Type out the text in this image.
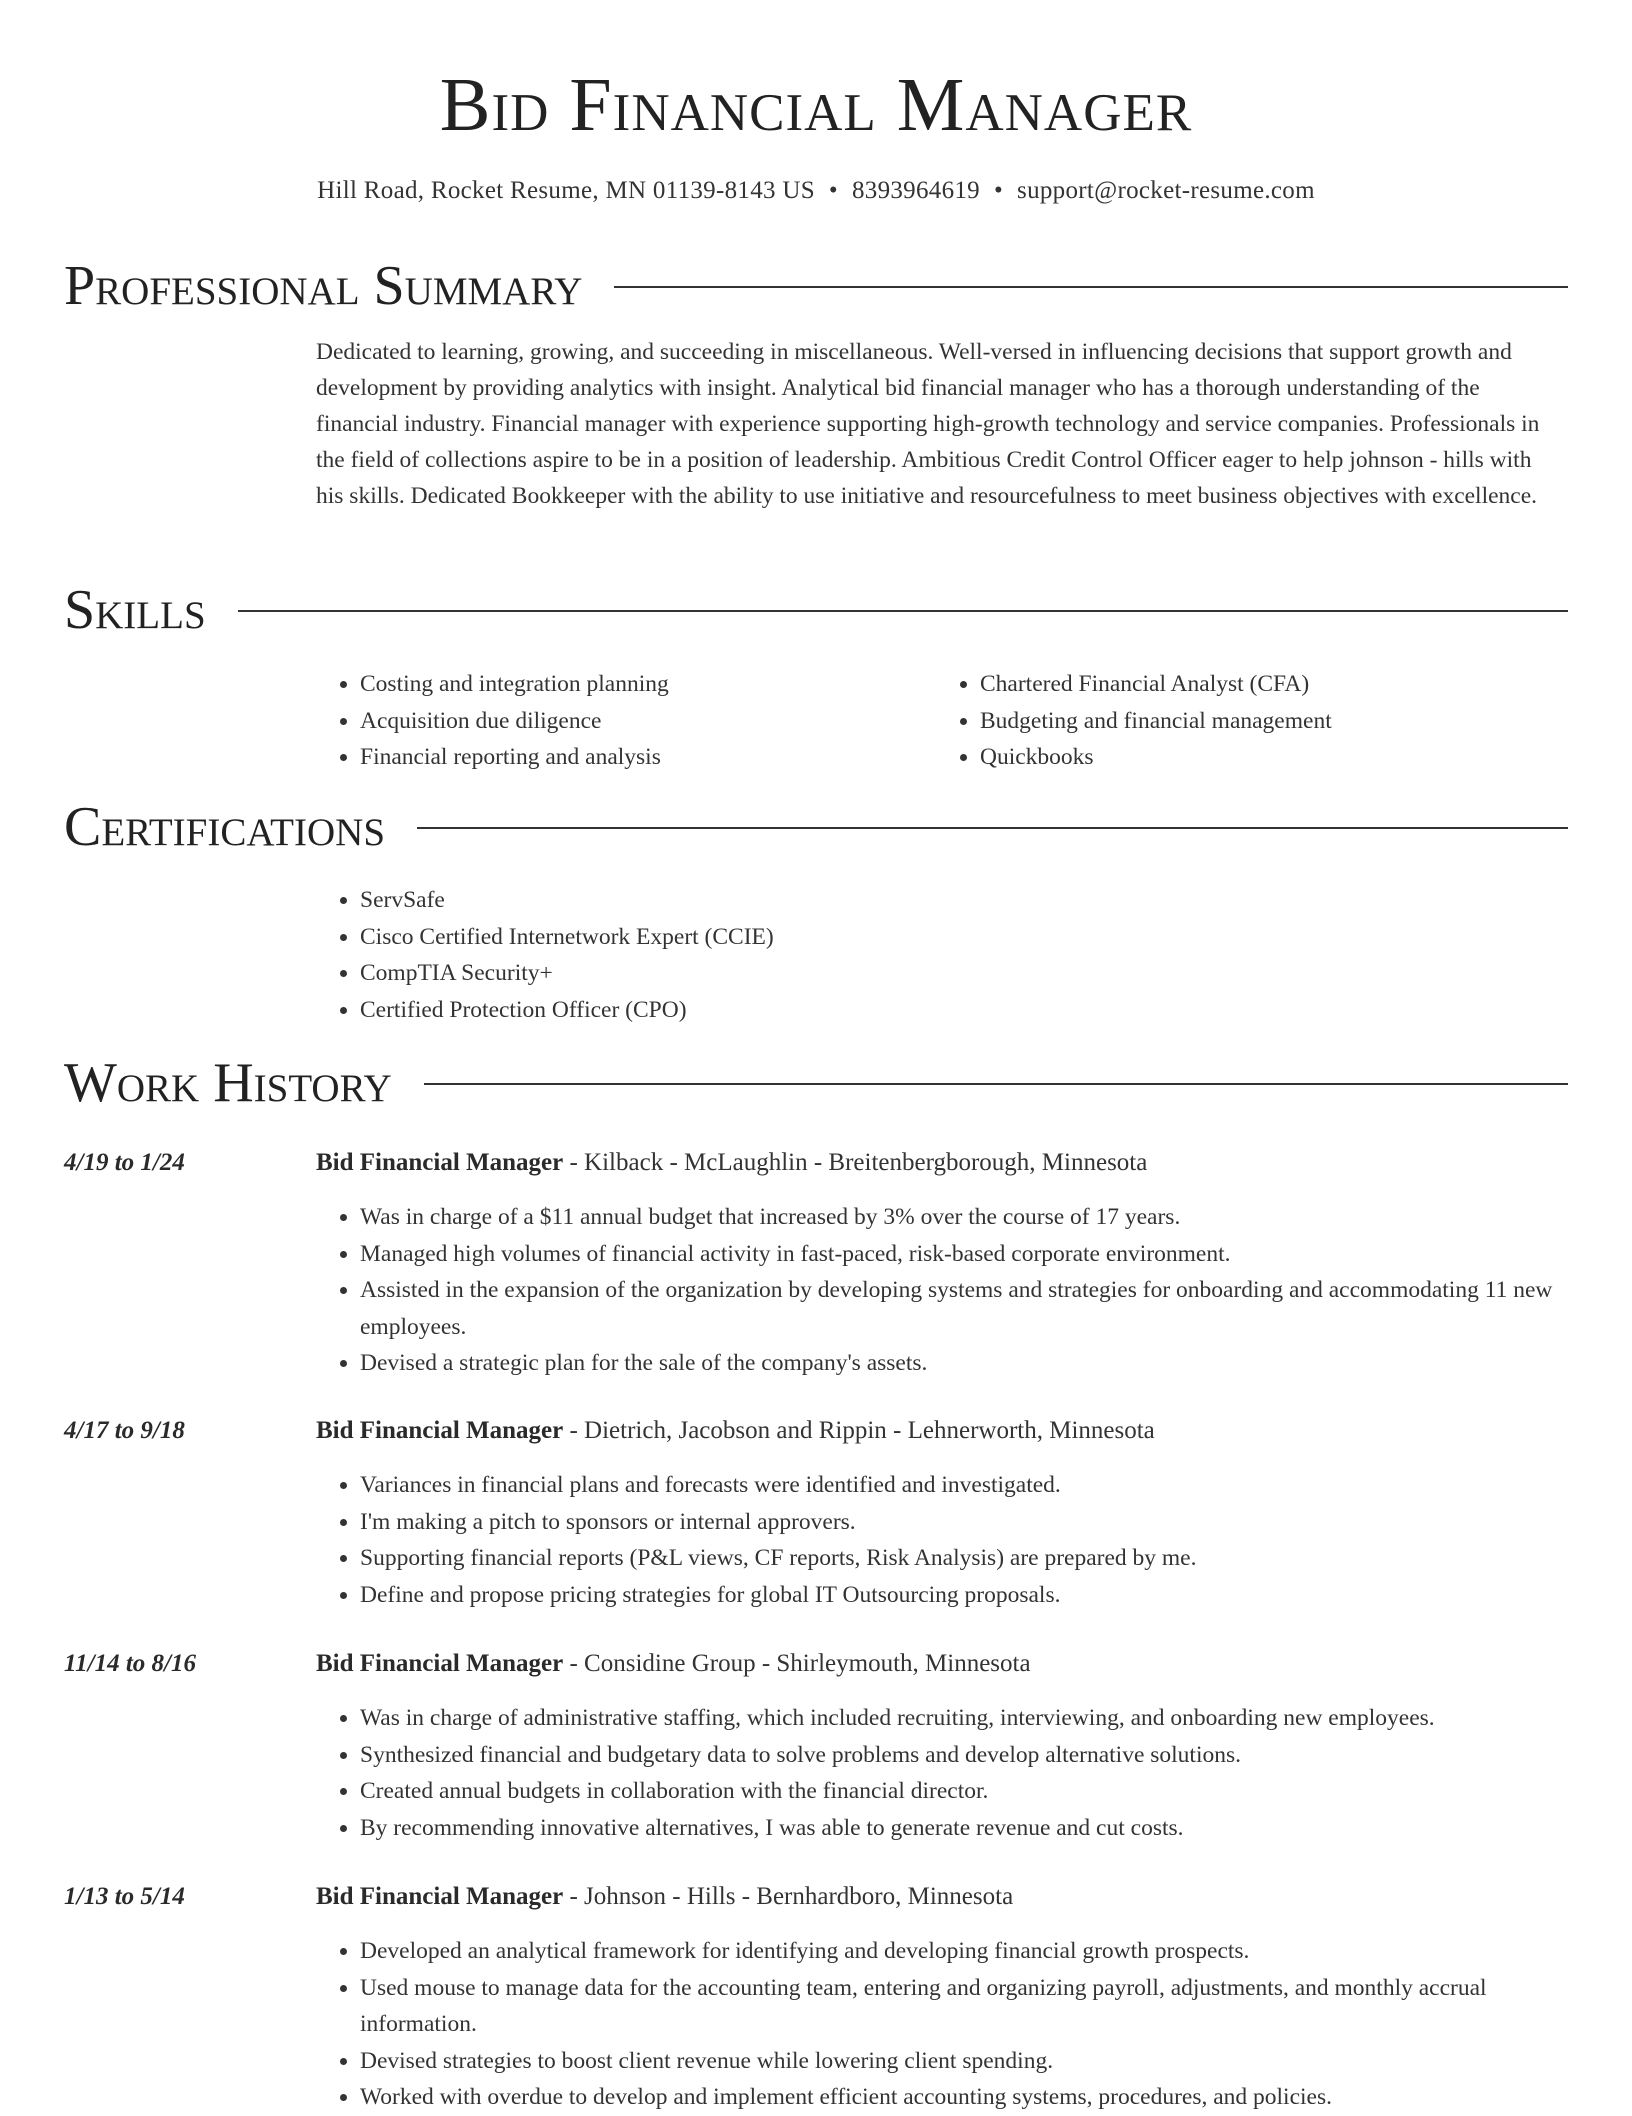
Bid Financial Manager
Hill Road, Rocket Resume, MN 01139-8143 US • 8393964619 • support@rocket-resume.com
Professional Summary
Dedicated to learning, growing, and succeeding in miscellaneous. Well-versed in influencing decisions that support growth and development by providing analytics with insight. Analytical bid financial manager who has a thorough understanding of the financial industry. Financial manager with experience supporting high-growth technology and service companies. Professionals in the field of collections aspire to be in a position of leadership. Ambitious Credit Control Officer eager to help johnson - hills with his skills. Dedicated Bookkeeper with the ability to use initiative and resourcefulness to meet business objectives with excellence.
Skills
• Costing and integration planning
• Acquisition due diligence
• Financial reporting and analysis
• Chartered Financial Analyst (CFA)
• Budgeting and financial management
• Quickbooks
Certifications
• ServSafe
• Cisco Certified Internetwork Expert (CCIE)
• CompTIA Security+
• Certified Protection Officer (CPO)
Work History
4/19 to 1/24	Bid Financial Manager - Kilback - McLaughlin - Breitenbergborough, Minnesota
• Was in charge of a $11 annual budget that increased by 3% over the course of 17 years.
• Managed high volumes of financial activity in fast-paced, risk-based corporate environment.
• Assisted in the expansion of the organization by developing systems and strategies for onboarding and accommodating 11 new employees.
• Devised a strategic plan for the sale of the company's assets.
4/17 to 9/18	Bid Financial Manager - Dietrich, Jacobson and Rippin - Lehnerworth, Minnesota
• Variances in financial plans and forecasts were identified and investigated.
• I'm making a pitch to sponsors or internal approvers.
• Supporting financial reports (P&L views, CF reports, Risk Analysis) are prepared by me.
• Define and propose pricing strategies for global IT Outsourcing proposals.
11/14 to 8/16	Bid Financial Manager - Considine Group - Shirleymouth, Minnesota
• Was in charge of administrative staffing, which included recruiting, interviewing, and onboarding new employees.
• Synthesized financial and budgetary data to solve problems and develop alternative solutions.
• Created annual budgets in collaboration with the financial director.
• By recommending innovative alternatives, I was able to generate revenue and cut costs.
1/13 to 5/14	Bid Financial Manager - Johnson - Hills - Bernhardboro, Minnesota
• Developed an analytical framework for identifying and developing financial growth prospects.
• Used mouse to manage data for the accounting team, entering and organizing payroll, adjustments, and monthly accrual information.
• Devised strategies to boost client revenue while lowering client spending.
• Worked with overdue to develop and implement efficient accounting systems, procedures, and policies.
